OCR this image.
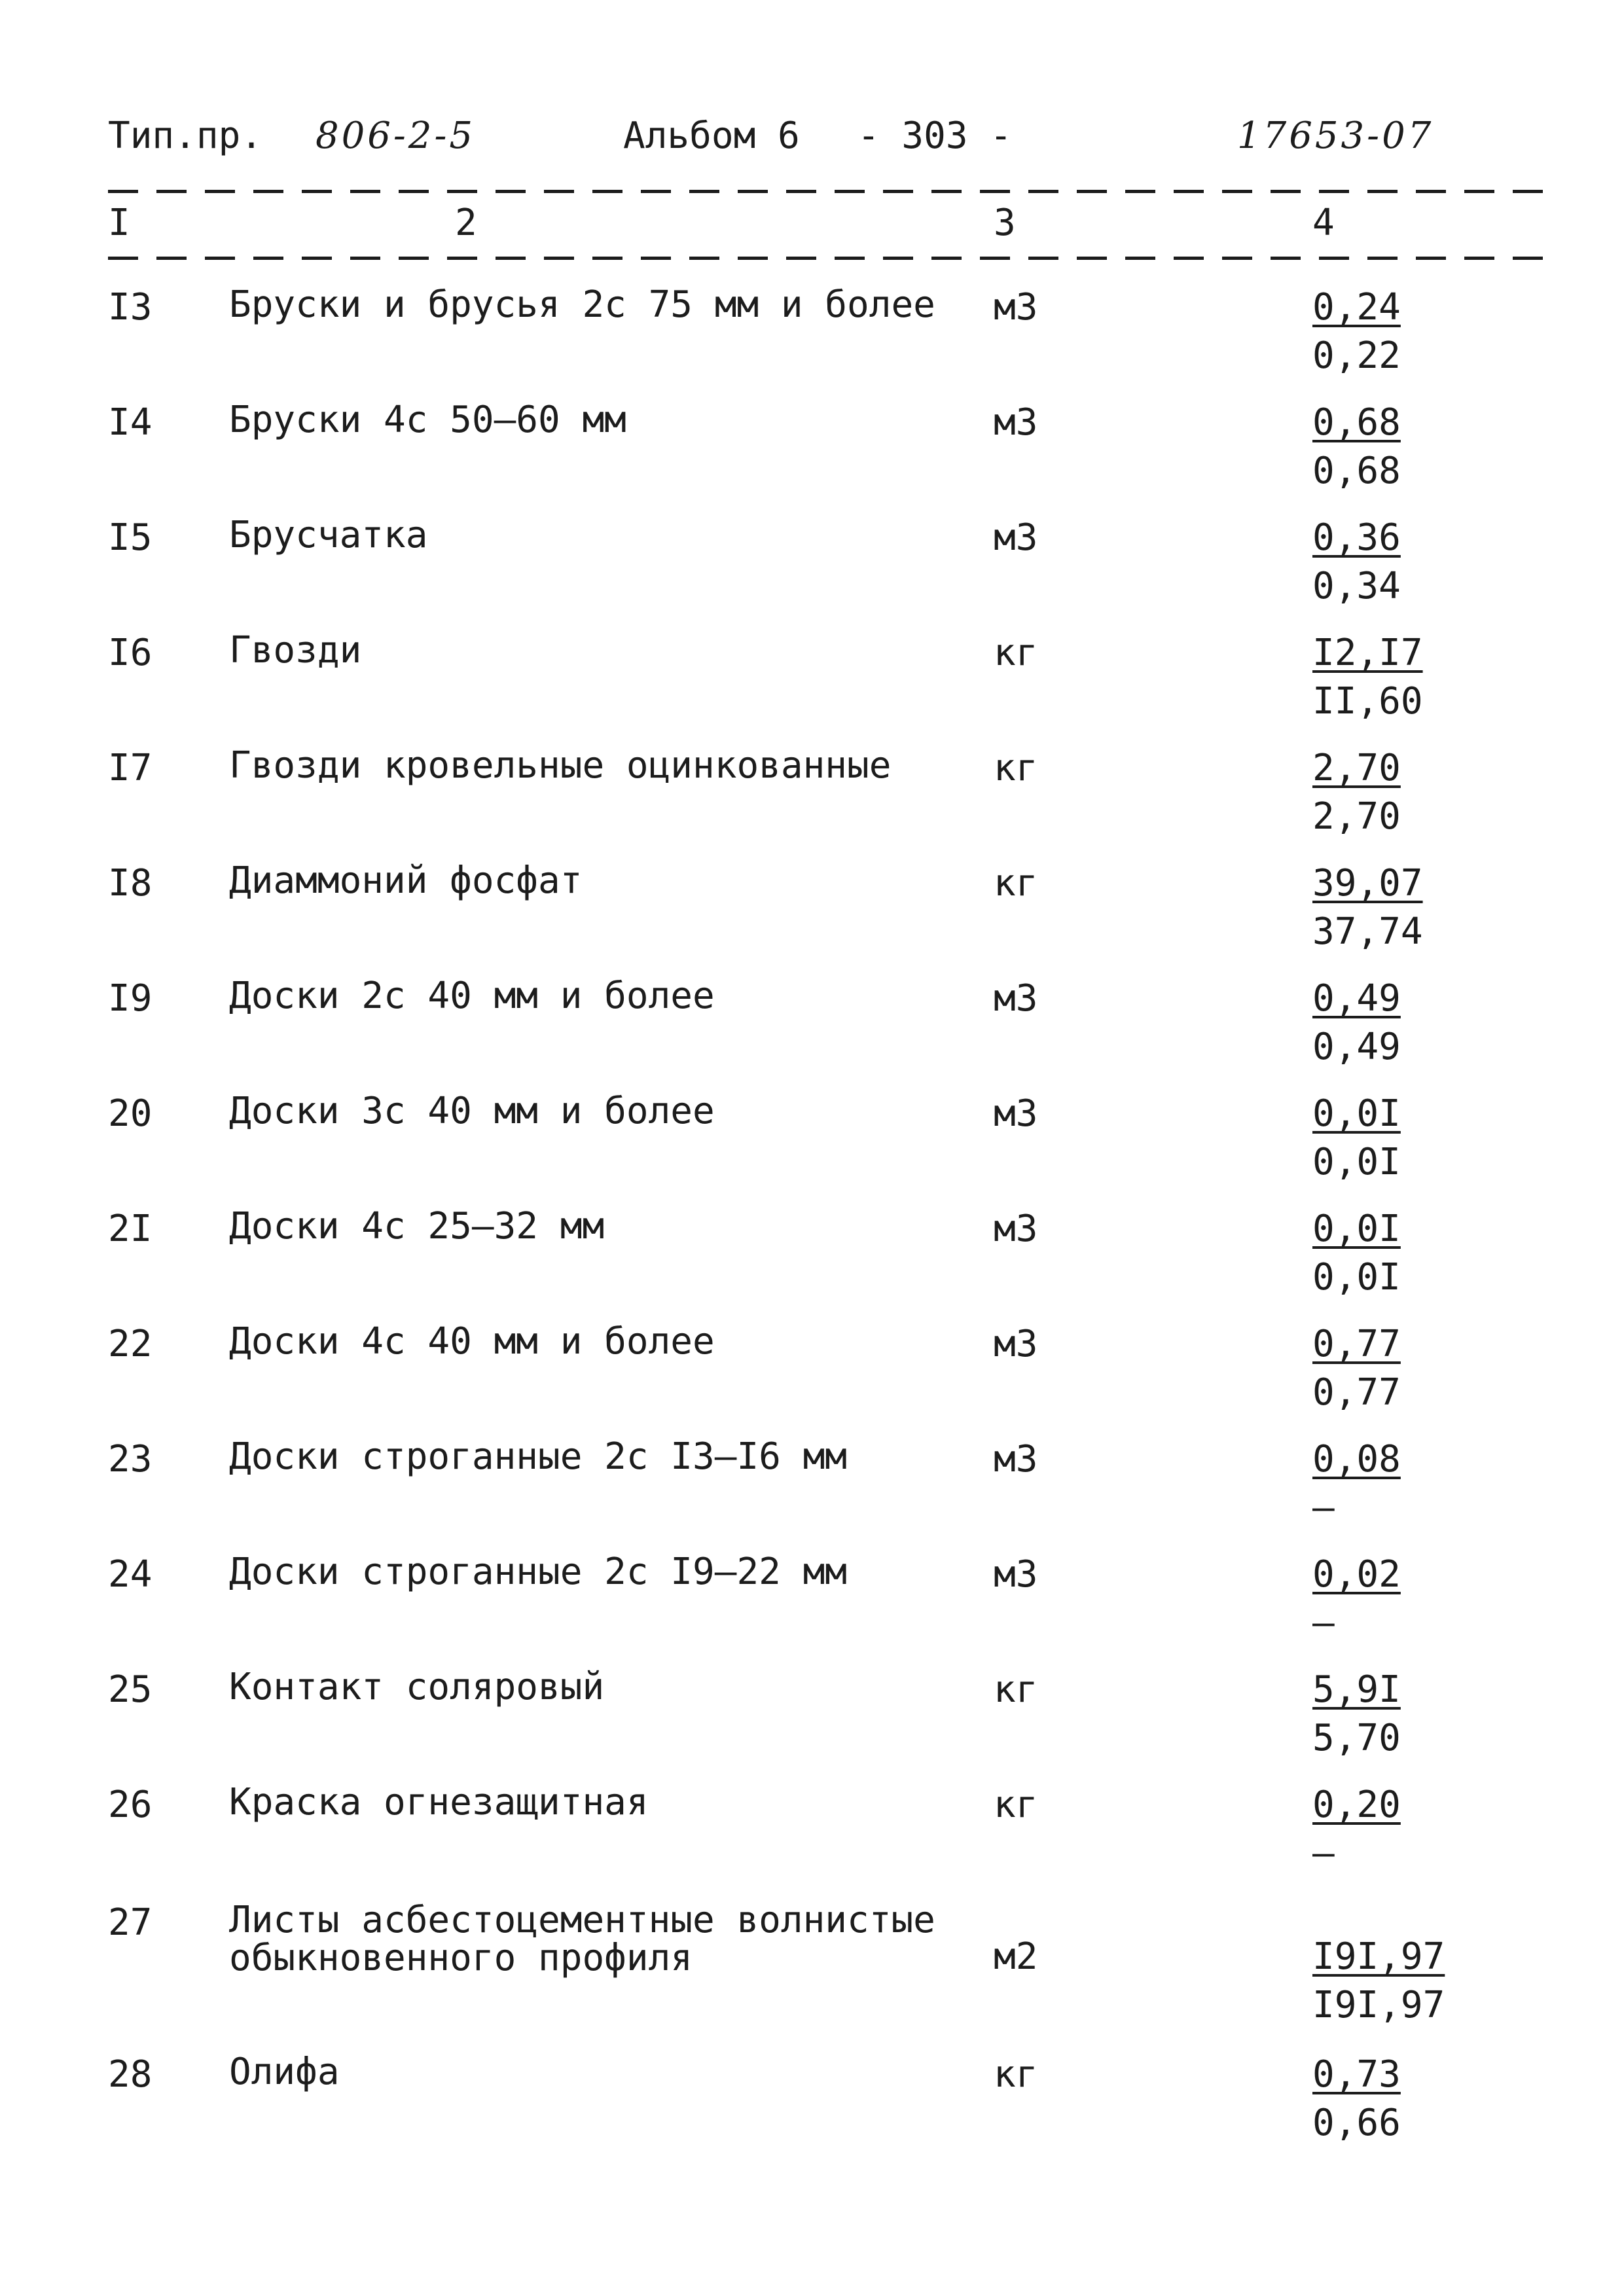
Тип.пр. 806-2-5	Альбом 6 - 303 -	17653-07
I	2	3	4
I3 Бруски и брусья 2с 75 мм и более м3	0,24
0,22
I4 Бруски 4с 50–60 мм	м3	0,68
0,68
I5 Брусчатка	м3	0,36
0,34
I6 Гвозди	кг	I2,I7
II,60
I7 Гвозди кровельные оцинкованные	кг	2,70
2,70
I8 Диаммоний фосфат	кг	39,07
37,74
I9 Доски 2с 40 мм и более	м3	0,49
0,49
20 Доски 3с 40 мм и более	м3	0,0I
0,0I
2I Доски 4с 25–32 мм	м3	0,0I
0,0I
22 Доски 4с 40 мм и более	м3	0,77
0,77
23 Доски строганные 2с I3–I6 мм	м3	0,08
–
24 Доски строганные 2с I9–22 мм	м3	0,02
–
25 Контакт соляровый	кг	5,9I
5,70
26 Краска огнезащитная	кг	0,20
–
27 Листы асбестоцементные волнистые
обыкновенного профиля	м2	I9I,97
I9I,97
28 Олифа	кг	0,73
0,66
